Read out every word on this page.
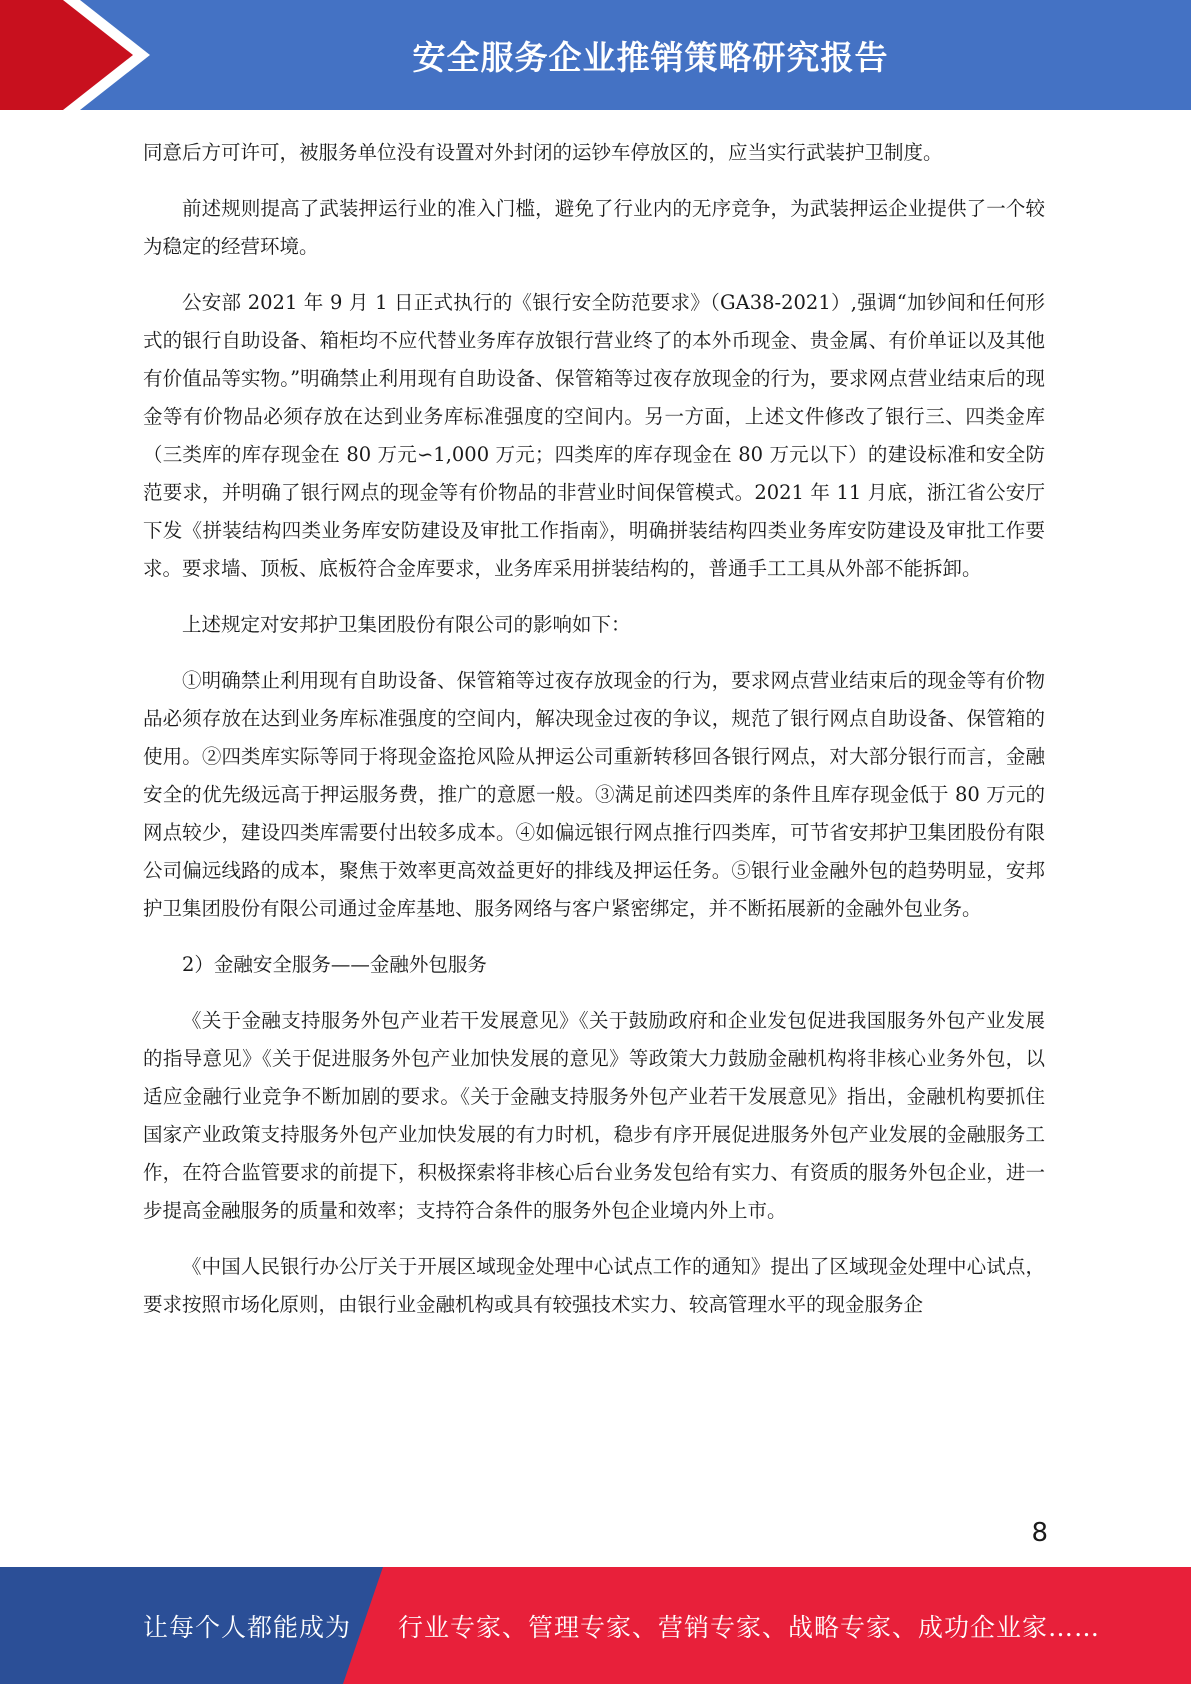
安全服务企业推销策略研究报告

同意后方可许可，被服务单位没有设置对外封闭的运钞车停放区的，应当实行武装护卫制度。

前述规则提高了武装押运行业的准入门槛，避免了行业内的无序竞争，为武装押运企业提供了一个较为稳定的经营环境。

公安部 2021 年 9 月 1 日正式执行的《银行安全防范要求》（GA38-2021）,强调“加钞间和任何形式的银行自助设备、箱柜均不应代替业务库存放银行营业终了的本外币现金、贵金属、有价单证以及其他有价值品等实物。”明确禁止利用现有自助设备、保管箱等过夜存放现金的行为，要求网点营业结束后的现金等有价物品必须存放在达到业务库标准强度的空间内。另一方面，上述文件修改了银行三、四类金库（三类库的库存现金在 80 万元∽1,000 万元；四类库的库存现金在 80 万元以下）的建设标准和安全防范要求，并明确了银行网点的现金等有价物品的非营业时间保管模式。2021 年 11 月底，浙江省公安厅下发《拼装结构四类业务库安防建设及审批工作指南》，明确拼装结构四类业务库安防建设及审批工作要求。要求墙、顶板、底板符合金库要求，业务库采用拼装结构的，普通手工工具从外部不能拆卸。

上述规定对安邦护卫集团股份有限公司的影响如下：

①明确禁止利用现有自助设备、保管箱等过夜存放现金的行为，要求网点营业结束后的现金等有价物品必须存放在达到业务库标准强度的空间内，解决现金过夜的争议，规范了银行网点自助设备、保管箱的使用。②四类库实际等同于将现金盗抢风险从押运公司重新转移回各银行网点，对大部分银行而言，金融安全的优先级远高于押运服务费，推广的意愿一般。③满足前述四类库的条件且库存现金低于 80 万元的网点较少，建设四类库需要付出较多成本。④如偏远银行网点推行四类库，可节省安邦护卫集团股份有限公司偏远线路的成本，聚焦于效率更高效益更好的排线及押运任务。⑤银行业金融外包的趋势明显，安邦护卫集团股份有限公司通过金库基地、服务网络与客户紧密绑定，并不断拓展新的金融外包业务。

2）金融安全服务——金融外包服务

《关于金融支持服务外包产业若干发展意见》《关于鼓励政府和企业发包促进我国服务外包产业发展的指导意见》《关于促进服务外包产业加快发展的意见》等政策大力鼓励金融机构将非核心业务外包，以适应金融行业竞争不断加剧的要求。《关于金融支持服务外包产业若干发展意见》指出，金融机构要抓住国家产业政策支持服务外包产业加快发展的有力时机，稳步有序开展促进服务外包产业发展的金融服务工作，在符合监管要求的前提下，积极探索将非核心后台业务发包给有实力、有资质的服务外包企业，进一步提高金融服务的质量和效率；支持符合条件的服务外包企业境内外上市。

《中国人民银行办公厅关于开展区域现金处理中心试点工作的通知》提出了区域现金处理中心试点，要求按照市场化原则，由银行业金融机构或具有较强技术实力、较高管理水平的现金服务企

8
让每个人都能成为 行业专家、管理专家、营销专家、战略专家、成功企业家……
